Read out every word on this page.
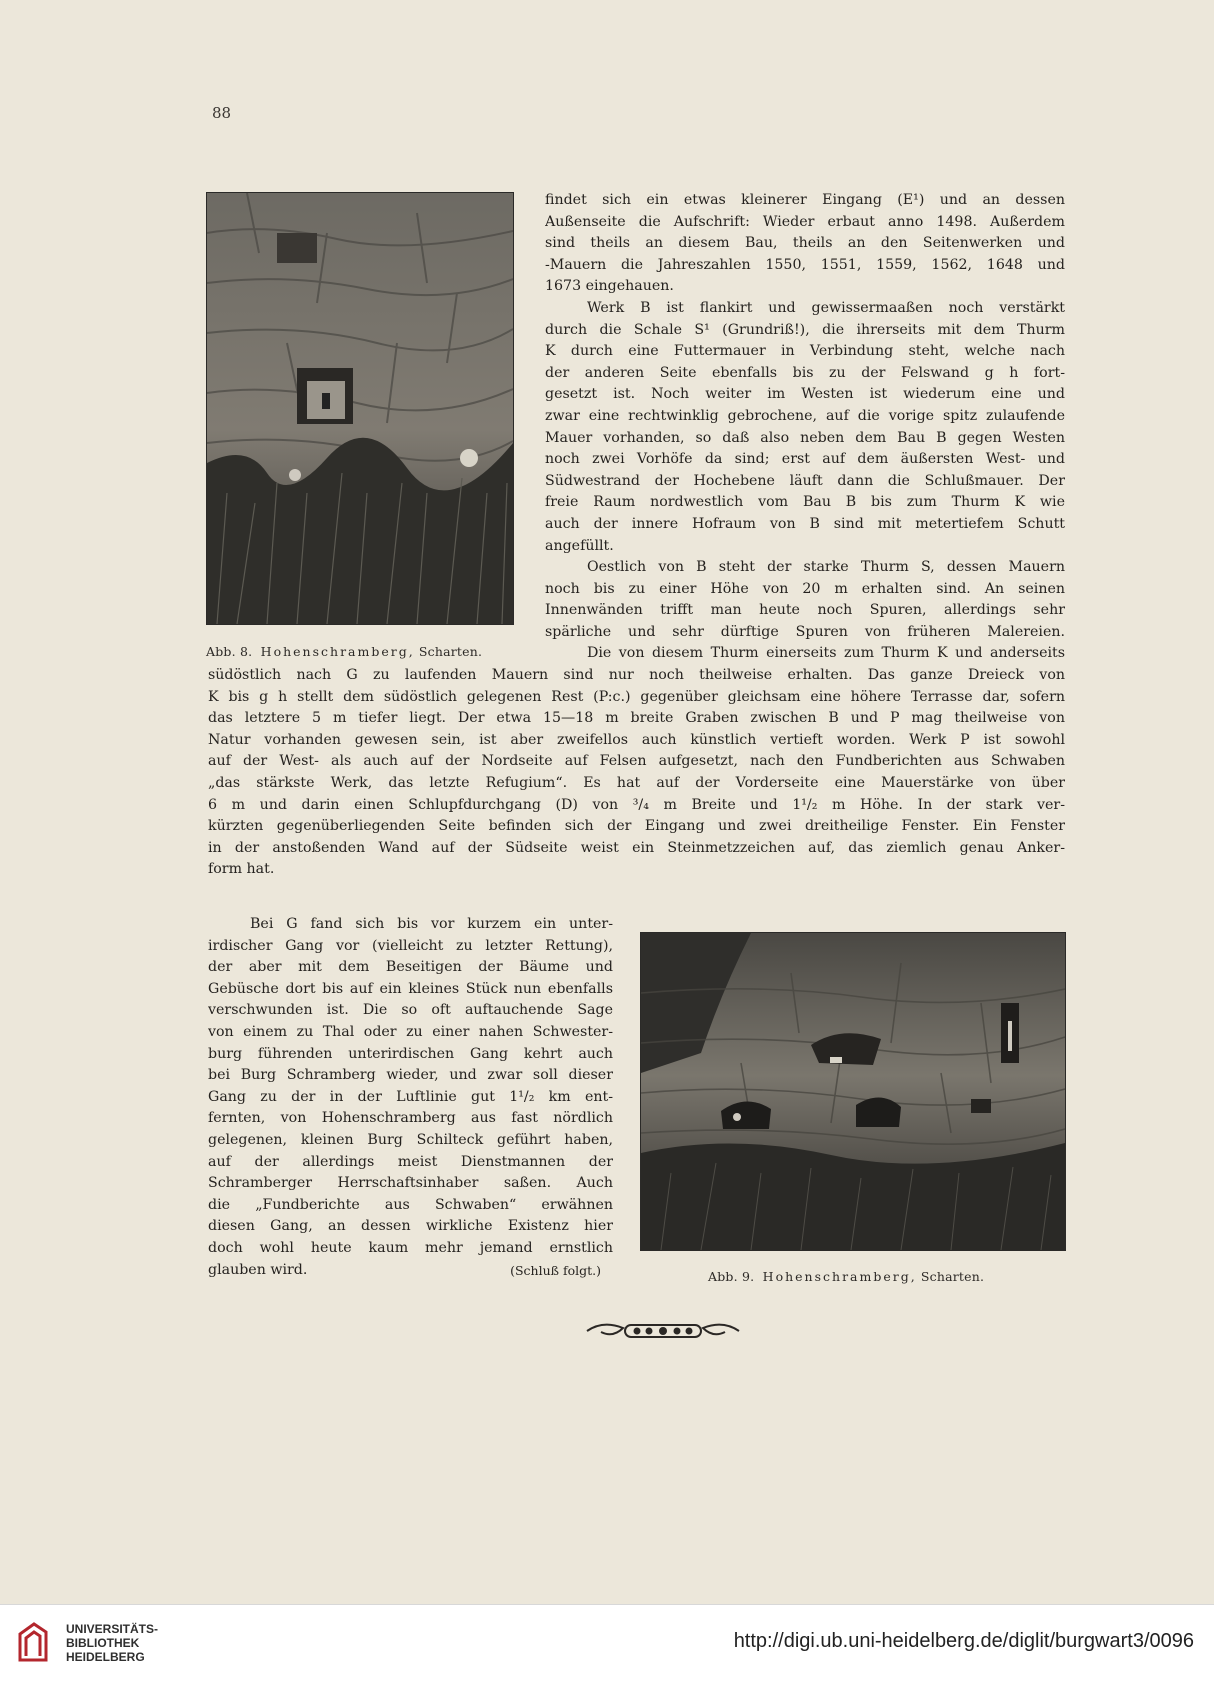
88
Abb. 8. Hohenschramberg, Scharten.

findet sich ein etwas kleinerer Eingang (E¹) und an dessen
Außenseite die Aufschrift: Wieder erbaut anno 1498. Außerdem
sind theils an diesem Bau, theils an den Seitenwerken und
-Mauern die Jahreszahlen 1550, 1551, 1559, 1562, 1648 und
1673 eingehauen.

Werk B ist flankirt und gewissermaaßen noch verstärkt
durch die Schale S¹ (Grundriß!), die ihrerseits mit dem Thurm
K durch eine Futtermauer in Verbindung steht, welche nach
der anderen Seite ebenfalls bis zu der Felswand g h fort-
gesetzt ist. Noch weiter im Westen ist wiederum eine und
zwar eine rechtwinklig gebrochene, auf die vorige spitz zulaufende
Mauer vorhanden, so daß also neben dem Bau B gegen Westen
noch zwei Vorhöfe da sind; erst auf dem äußersten West- und
Südwestrand der Hochebene läuft dann die Schlußmauer. Der
freie Raum nordwestlich vom Bau B bis zum Thurm K wie
auch der innere Hofraum von B sind mit metertiefem Schutt
angefüllt.

Oestlich von B steht der starke Thurm S, dessen Mauern
noch bis zu einer Höhe von 20 m erhalten sind. An seinen
Innenwänden trifft man heute noch Spuren, allerdings sehr
spärliche und sehr dürftige Spuren von früheren Malereien.
Die von diesem Thurm einerseits zum Thurm K und anderseits

südöstlich nach G zu laufenden Mauern sind nur noch theilweise erhalten. Das ganze Dreieck von
K bis g h stellt dem südöstlich gelegenen Rest (P:c.) gegenüber gleichsam eine höhere Terrasse dar, sofern
das letztere 5 m tiefer liegt. Der etwa 15—18 m breite Graben zwischen B und P mag theilweise von
Natur vorhanden gewesen sein, ist aber zweifellos auch künstlich vertieft worden. Werk P ist sowohl
auf der West- als auch auf der Nordseite auf Felsen aufgesetzt, nach den Fundberichten aus Schwaben
„das stärkste Werk, das letzte Refugium“. Es hat auf der Vorderseite eine Mauerstärke von über
6 m und darin einen Schlupfdurchgang (D) von ³/₄ m Breite und 1¹/₂ m Höhe. In der stark ver-
kürzten gegenüberliegenden Seite befinden sich der Eingang und zwei dreitheilige Fenster. Ein Fenster
in der anstoßenden Wand auf der Südseite weist ein Steinmetzzeichen auf, das ziemlich genau Anker-
form hat.

Bei G fand sich bis vor kurzem ein unter-
irdischer Gang vor (vielleicht zu letzter Rettung),
der aber mit dem Beseitigen der Bäume und
Gebüsche dort bis auf ein kleines Stück nun ebenfalls
verschwunden ist. Die so oft auftauchende Sage
von einem zu Thal oder zu einer nahen Schwester-
burg führenden unterirdischen Gang kehrt auch
bei Burg Schramberg wieder, und zwar soll dieser
Gang zu der in der Luftlinie gut 1¹/₂ km ent-
fernten, von Hohenschramberg aus fast nördlich
gelegenen, kleinen Burg Schilteck geführt haben,
auf der allerdings meist Dienstmannen der
Schramberger Herrschaftsinhaber saßen. Auch
die „Fundberichte aus Schwaben“ erwähnen
diesen Gang, an dessen wirkliche Existenz hier
doch wohl heute kaum mehr jemand ernstlich
glauben wird.	(Schluß folgt.)	Abb. 9. Hohenschramberg, Scharten.
UNIVERSITÄTS-
BIBLIOTHEK
HEIDELBERG
http://digi.ub.uni-heidelberg.de/diglit/burgwart3/0096
